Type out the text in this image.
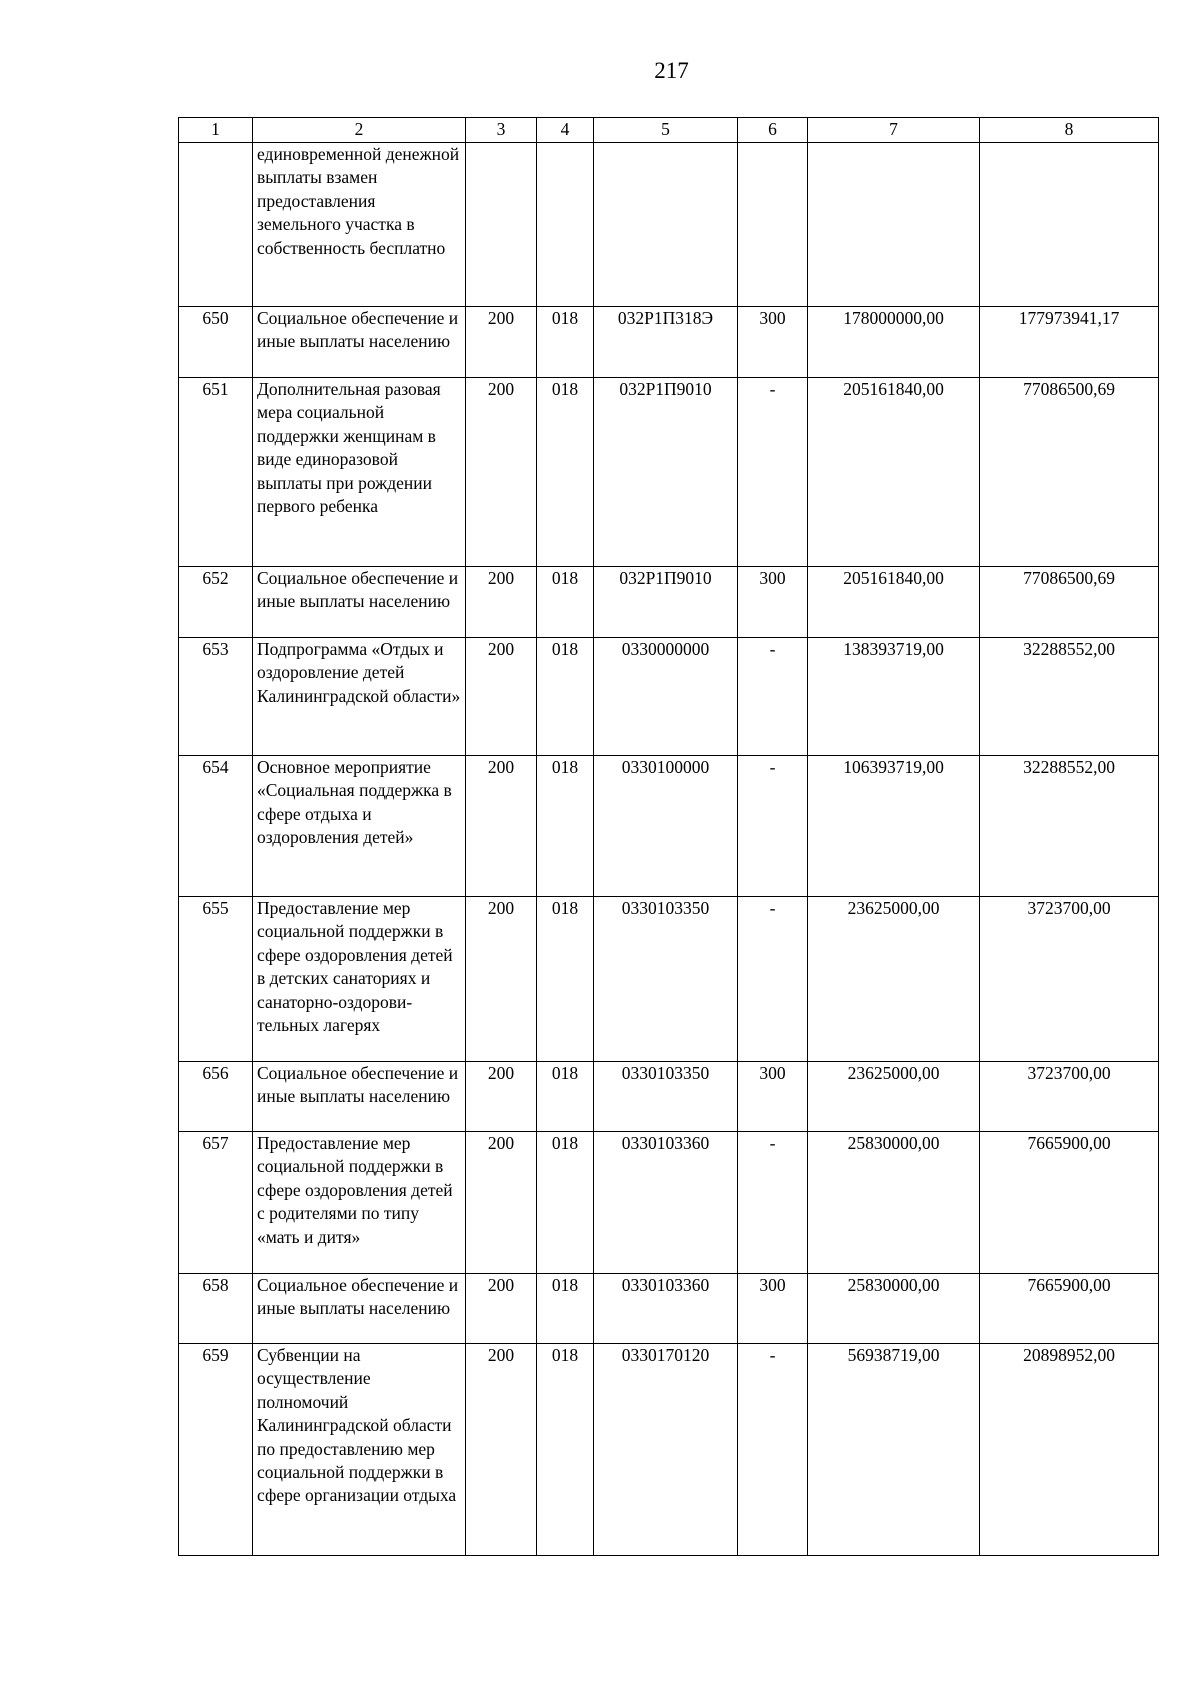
217
1	2	3	4	5	6	7	8
	единовременной денежной выплаты взамен предоставления земельного участка в собственность бесплатно						
650	Социальное обеспечение и иные выплаты населению	200	018	032Р1П318Э	300	178000000,00	177973941,17
651	Дополнительная разовая мера социальной поддержки женщинам в виде единоразовой выплаты при рождении первого ребенка	200	018	032Р1П9010	-	205161840,00	77086500,69
652	Социальное обеспечение и иные выплаты населению	200	018	032Р1П9010	300	205161840,00	77086500,69
653	Подпрограмма «Отдых и оздоровление детей Калининградской области»	200	018	0330000000	-	138393719,00	32288552,00
654	Основное мероприятие «Социальная поддержка в сфере отдыха и оздоровления детей»	200	018	0330100000	-	106393719,00	32288552,00
655	Предоставление мер социальной поддержки в сфере оздоровления детей в детских санаториях и санаторно-оздорови-тельных лагерях	200	018	0330103350	-	23625000,00	3723700,00
656	Социальное обеспечение и иные выплаты населению	200	018	0330103350	300	23625000,00	3723700,00
657	Предоставление мер социальной поддержки в сфере оздоровления детей с родителями по типу «мать и дитя»	200	018	0330103360	-	25830000,00	7665900,00
658	Социальное обеспечение и иные выплаты населению	200	018	0330103360	300	25830000,00	7665900,00
659	Субвенции на осуществление полномочий Калининградской области по предоставлению мер социальной поддержки в сфере организации отдыха	200	018	0330170120	-	56938719,00	20898952,00
